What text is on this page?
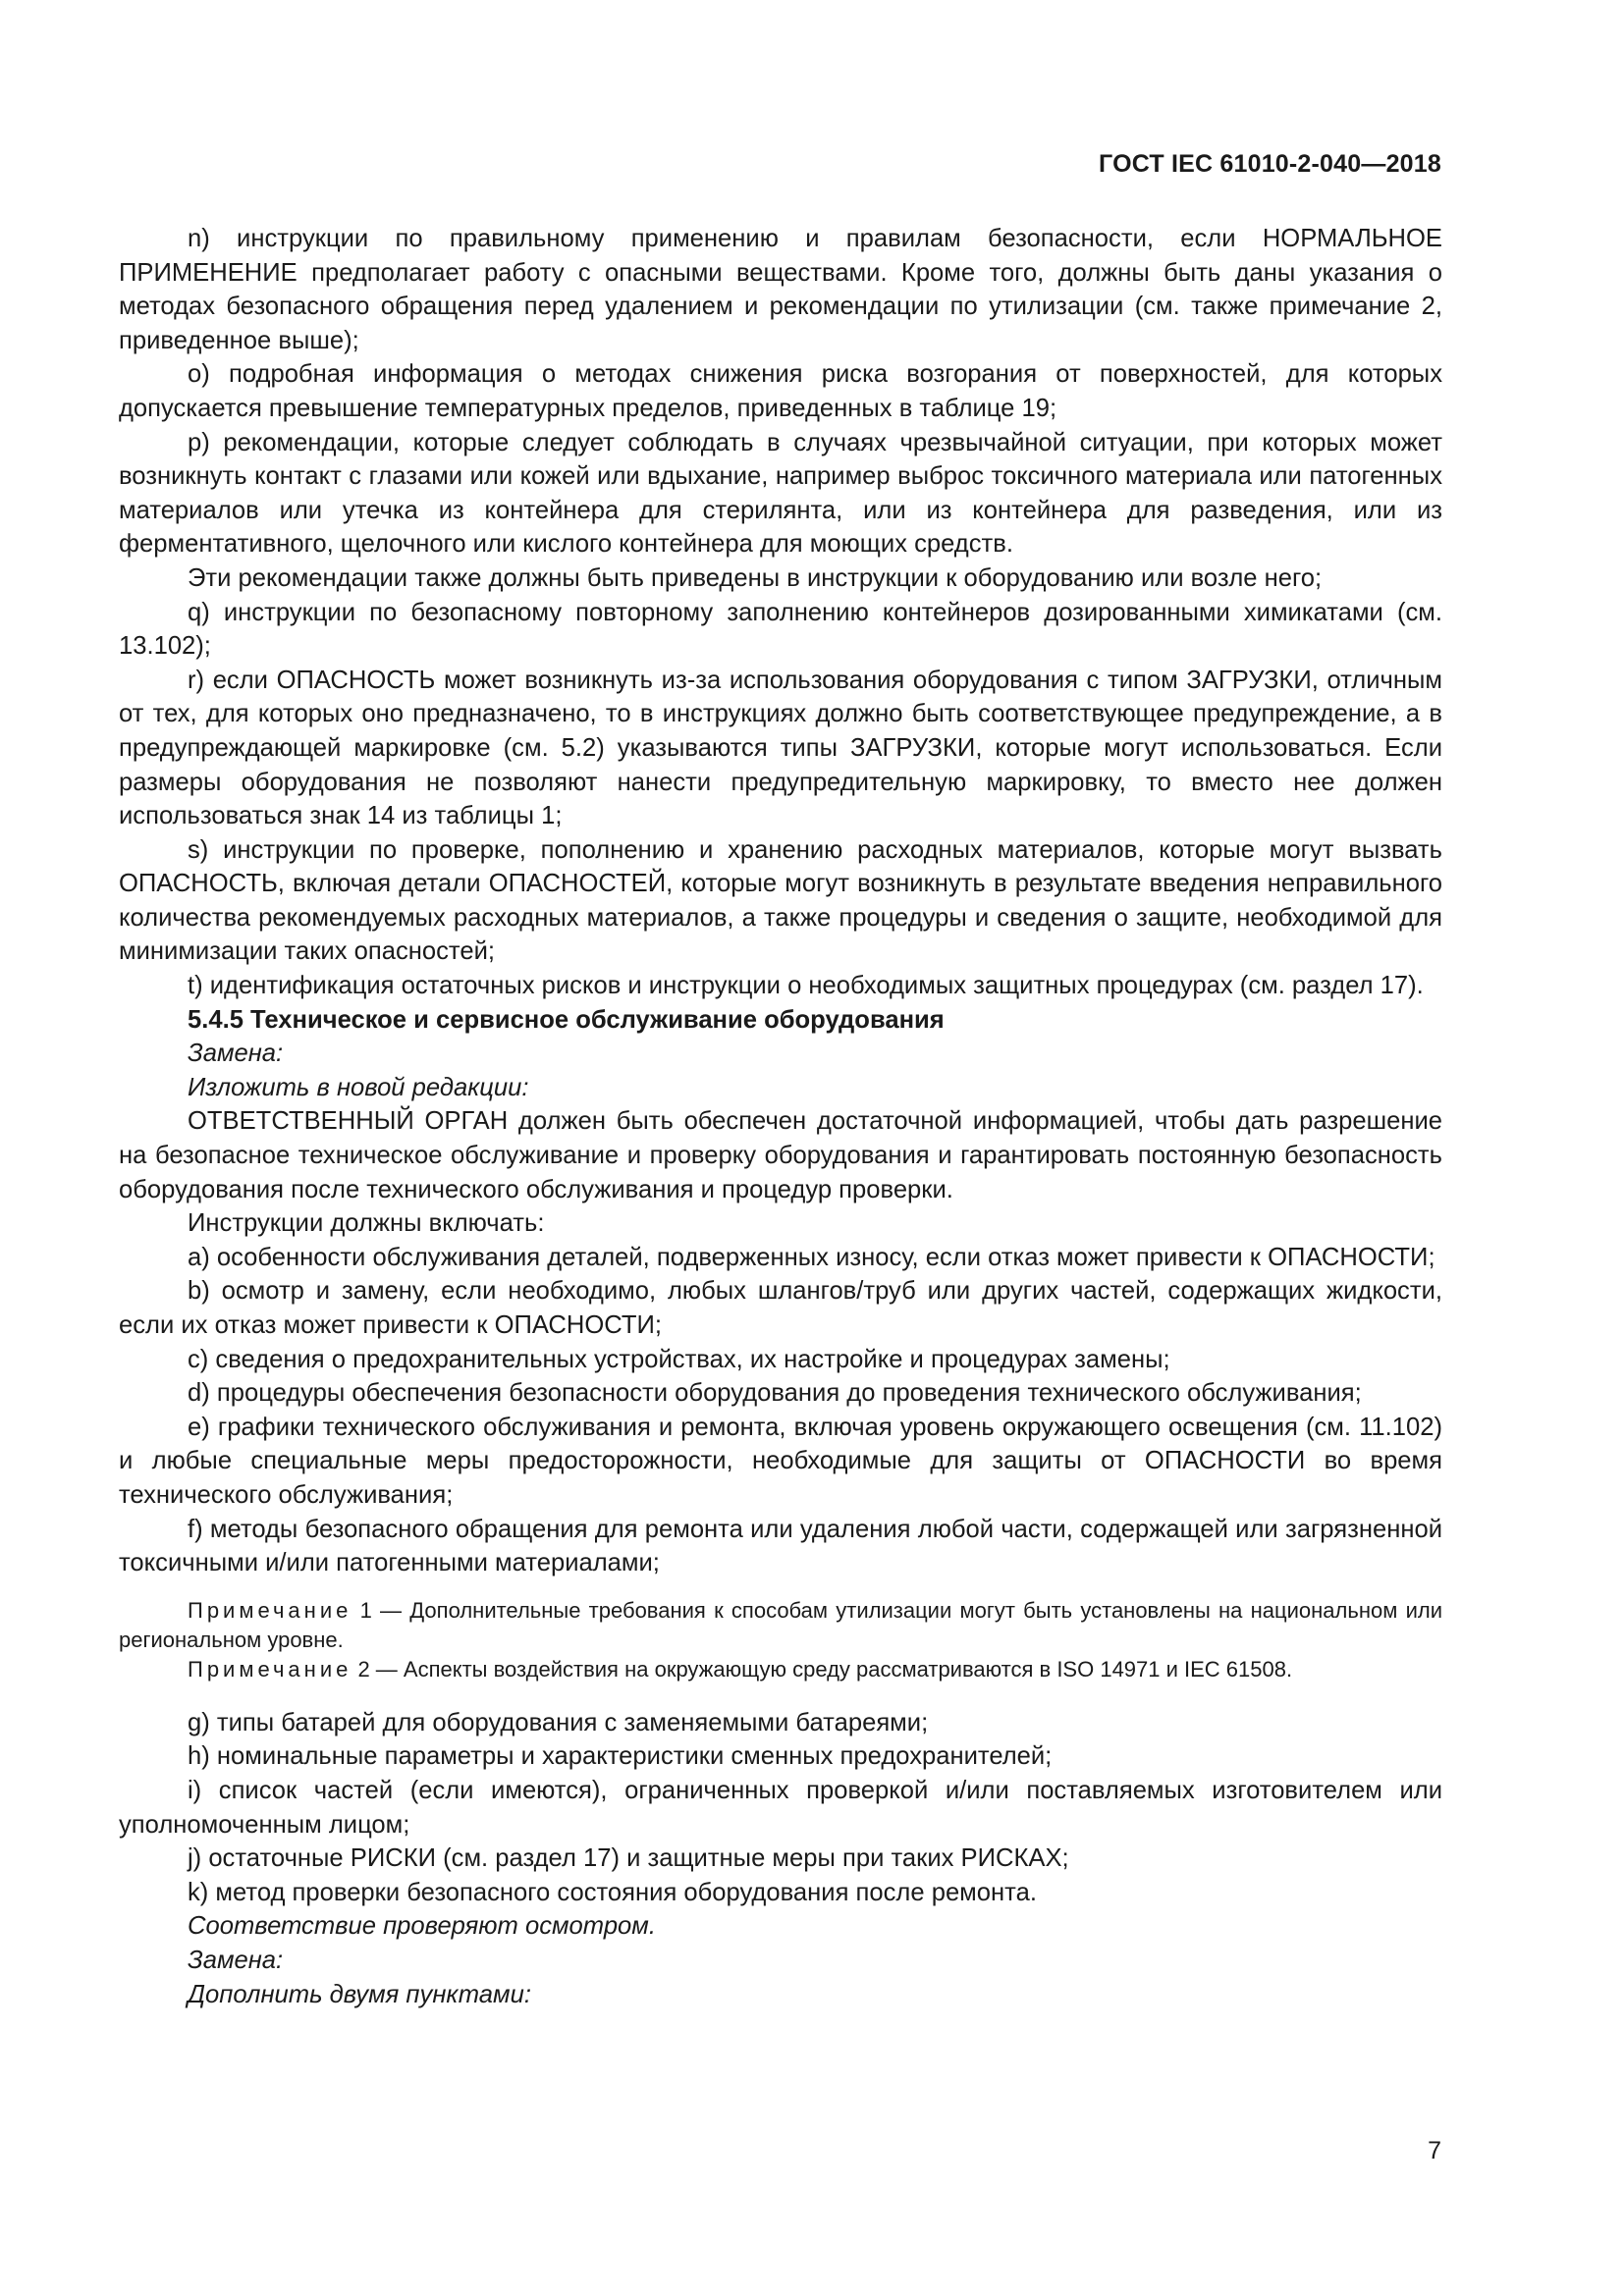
ГОСТ IEC 61010-2-040—2018

n) инструкции по правильному применению и правилам безопасности, если НОРМАЛЬНОЕ ПРИМЕНЕНИЕ предполагает работу с опасными веществами. Кроме того, должны быть даны указания о методах безопасного обращения перед удалением и рекомендации по утилизации (см. также примечание 2, приведенное выше);

o) подробная информация о методах снижения риска возгорания от поверхностей, для которых допускается превышение температурных пределов, приведенных в таблице 19;

p) рекомендации, которые следует соблюдать в случаях чрезвычайной ситуации, при которых может возникнуть контакт с глазами или кожей или вдыхание, например выброс токсичного материала или патогенных материалов или утечка из контейнера для стерилянта, или из контейнера для разведения, или из ферментативного, щелочного или кислого контейнера для моющих средств.

Эти рекомендации также должны быть приведены в инструкции к оборудованию или возле него;

q) инструкции по безопасному повторному заполнению контейнеров дозированными химикатами (см. 13.102);

r) если ОПАСНОСТЬ может возникнуть из-за использования оборудования с типом ЗАГРУЗКИ, отличным от тех, для которых оно предназначено, то в инструкциях должно быть соответствующее предупреждение, а в предупреждающей маркировке (см. 5.2) указываются типы ЗАГРУЗКИ, которые могут использоваться. Если размеры оборудования не позволяют нанести предупредительную маркировку, то вместо нее должен использоваться знак 14 из таблицы 1;

s) инструкции по проверке, пополнению и хранению расходных материалов, которые могут вызвать ОПАСНОСТЬ, включая детали ОПАСНОСТЕЙ, которые могут возникнуть в результате введения неправильного количества рекомендуемых расходных материалов, а также процедуры и сведения о защите, необходимой для минимизации таких опасностей;

t) идентификация остаточных рисков и инструкции о необходимых защитных процедурах (см. раздел 17).

5.4.5 Техническое и сервисное обслуживание оборудования

Замена:

Изложить в новой редакции:

ОТВЕТСТВЕННЫЙ ОРГАН должен быть обеспечен достаточной информацией, чтобы дать разрешение на безопасное техническое обслуживание и проверку оборудования и гарантировать постоянную безопасность оборудования после технического обслуживания и процедур проверки.

Инструкции должны включать:

a) особенности обслуживания деталей, подверженных износу, если отказ может привести к ОПАСНОСТИ;

b) осмотр и замену, если необходимо, любых шлангов/труб или других частей, содержащих жидкости, если их отказ может привести к ОПАСНОСТИ;

c) сведения о предохранительных устройствах, их настройке и процедурах замены;

d) процедуры обеспечения безопасности оборудования до проведения технического обслуживания;

e) графики технического обслуживания и ремонта, включая уровень окружающего освещения (см. 11.102) и любые специальные меры предосторожности, необходимые для защиты от ОПАСНОСТИ во время технического обслуживания;

f) методы безопасного обращения для ремонта или удаления любой части, содержащей или загрязненной токсичными и/или патогенными материалами;

Примечание 1 — Дополнительные требования к способам утилизации могут быть установлены на национальном или региональном уровне.

Примечание 2 — Аспекты воздействия на окружающую среду рассматриваются в ISO 14971 и IEC 61508.

g) типы батарей для оборудования с заменяемыми батареями;

h) номинальные параметры и характеристики сменных предохранителей;

i) список частей (если имеются), ограниченных проверкой и/или поставляемых изготовителем или уполномоченным лицом;

j) остаточные РИСКИ (см. раздел 17) и защитные меры при таких РИСКАХ;

k) метод проверки безопасного состояния оборудования после ремонта.

Соответствие проверяют осмотром.

Замена:

Дополнить двумя пунктами:

7
